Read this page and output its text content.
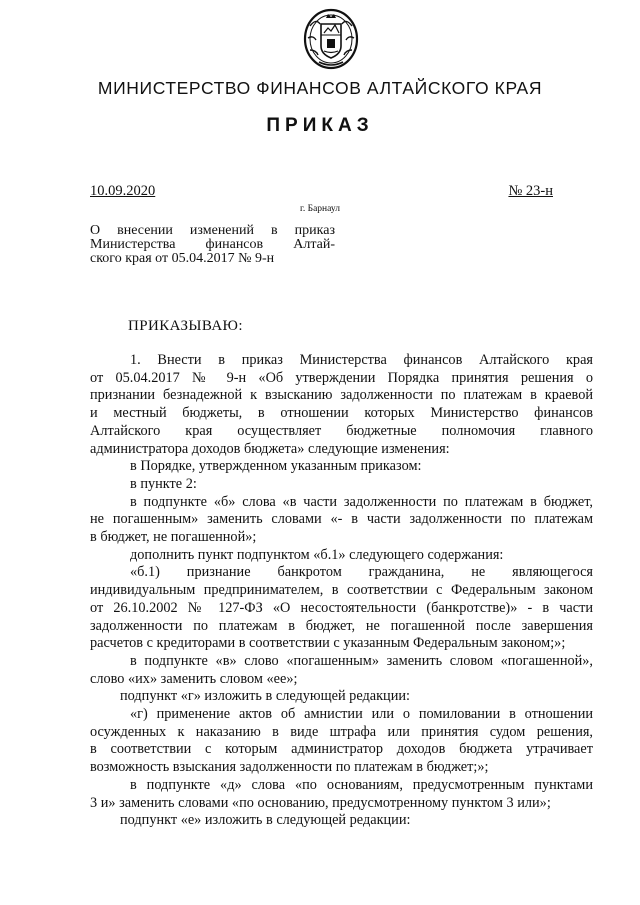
МИНИСТЕРСТВО ФИНАНСОВ АЛТАЙСКОГО КРАЯ
ПРИКАЗ
10.09.2020	№ 23-н
г. Барнаул
О внесении изменений в приказ
Министерства финансов Алтай-
ского края от 05.04.2017 № 9-н
ПРИКАЗЫВАЮ:
1. Внести в приказ Министерства финансов Алтайского края
от 05.04.2017 № 9-н «Об утверждении Порядка принятия решения о
признании безнадежной к взысканию задолженности по платежам в краевой
и местный бюджеты, в отношении которых Министерство финансов
Алтайского края осуществляет бюджетные полномочия главного
администратора доходов бюджета» следующие изменения:
в Порядке, утвержденном указанным приказом:
в пункте 2:
в подпункте «б» слова «в части задолженности по платежам в бюджет,
не погашенным» заменить словами «- в части задолженности по платежам
в бюджет, не погашенной»;
дополнить пункт подпунктом «б.1» следующего содержания:
«б.1) признание банкротом гражданина, не являющегося
индивидуальным предпринимателем, в соответствии с Федеральным законом
от 26.10.2002 № 127-ФЗ «О несостоятельности (банкротстве)» - в части
задолженности по платежам в бюджет, не погашенной после завершения
расчетов с кредиторами в соответствии с указанным Федеральным законом;»;
в подпункте «в» слово «погашенным» заменить словом «погашенной»,
слово «их» заменить словом «ее»;
подпункт «г» изложить в следующей редакции:
«г) применение актов об амнистии или о помиловании в отношении
осужденных к наказанию в виде штрафа или принятия судом решения,
в соответствии с которым администратор доходов бюджета утрачивает
возможность взыскания задолженности по платежам в бюджет;»;
в подпункте «д» слова «по основаниям, предусмотренным пунктами
3 и» заменить словами «по основанию, предусмотренному пунктом 3 или»;
подпункт «е» изложить в следующей редакции:
